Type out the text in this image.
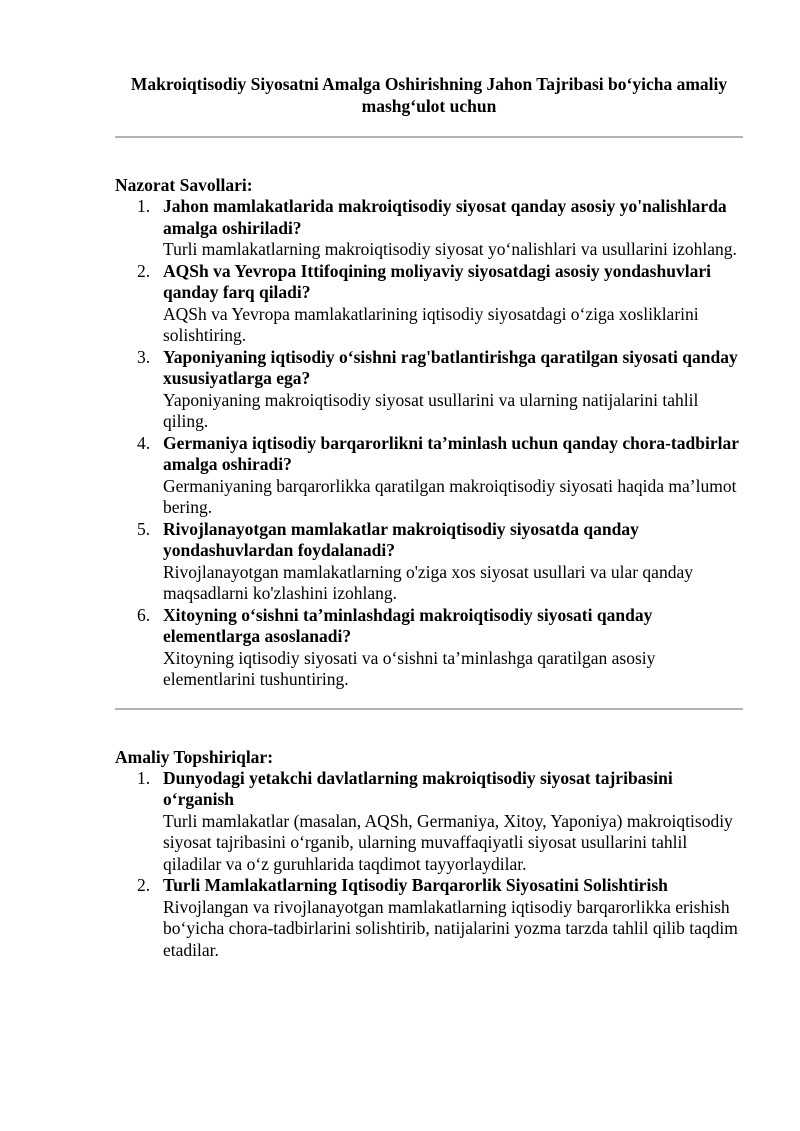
Makroiqtisodiy Siyosatni Amalga Oshirishning Jahon Tajribasi bo‘yicha amaliy mashg‘ulot uchun
Nazorat Savollari:
1. Jahon mamlakatlarida makroiqtisodiy siyosat qanday asosiy yo'nalishlarda amalga oshiriladi?
Turli mamlakatlarning makroiqtisodiy siyosat yo‘nalishlari va usullarini izohlang.
2. AQSh va Yevropa Ittifoqining moliyaviy siyosatdagi asosiy yondashuvlari qanday farq qiladi?
AQSh va Yevropa mamlakatlarining iqtisodiy siyosatdagi o‘ziga xosliklarini solishtiring.
3. Yaponiyaning iqtisodiy o‘sishni rag'batlantirishga qaratilgan siyosati qanday xususiyatlarga ega?
Yaponiyaning makroiqtisodiy siyosat usullarini va ularning natijalarini tahlil qiling.
4. Germaniya iqtisodiy barqarorlikni ta’minlash uchun qanday chora-tadbirlar amalga oshiradi?
Germaniyaning barqarorlikka qaratilgan makroiqtisodiy siyosati haqida ma’lumot bering.
5. Rivojlanayotgan mamlakatlar makroiqtisodiy siyosatda qanday yondashuvlardan foydalanadi?
Rivojlanayotgan mamlakatlarning o'ziga xos siyosat usullari va ular qanday maqsadlarni ko'zlashini izohlang.
6. Xitoyning o‘sishni ta’minlashdagi makroiqtisodiy siyosati qanday elementlarga asoslanadi?
Xitoyning iqtisodiy siyosati va o‘sishni ta’minlashga qaratilgan asosiy elementlarini tushuntiring.
Amaliy Topshiriqlar:
1. Dunyodagi yetakchi davlatlarning makroiqtisodiy siyosat tajribasini o‘rganish
Turli mamlakatlar (masalan, AQSh, Germaniya, Xitoy, Yaponiya) makroiqtisodiy siyosat tajribasini o‘rganib, ularning muvaffaqiyatli siyosat usullarini tahlil qiladilar va o‘z guruhlarida taqdimot tayyorlaydilar.
2. Turli Mamlakatlarning Iqtisodiy Barqarorlik Siyosatini Solishtirish
Rivojlangan va rivojlanayotgan mamlakatlarning iqtisodiy barqarorlikka erishish bo‘yicha chora-tadbirlarini solishtirib, natijalarini yozma tarzda tahlil qilib taqdim etadilar.
